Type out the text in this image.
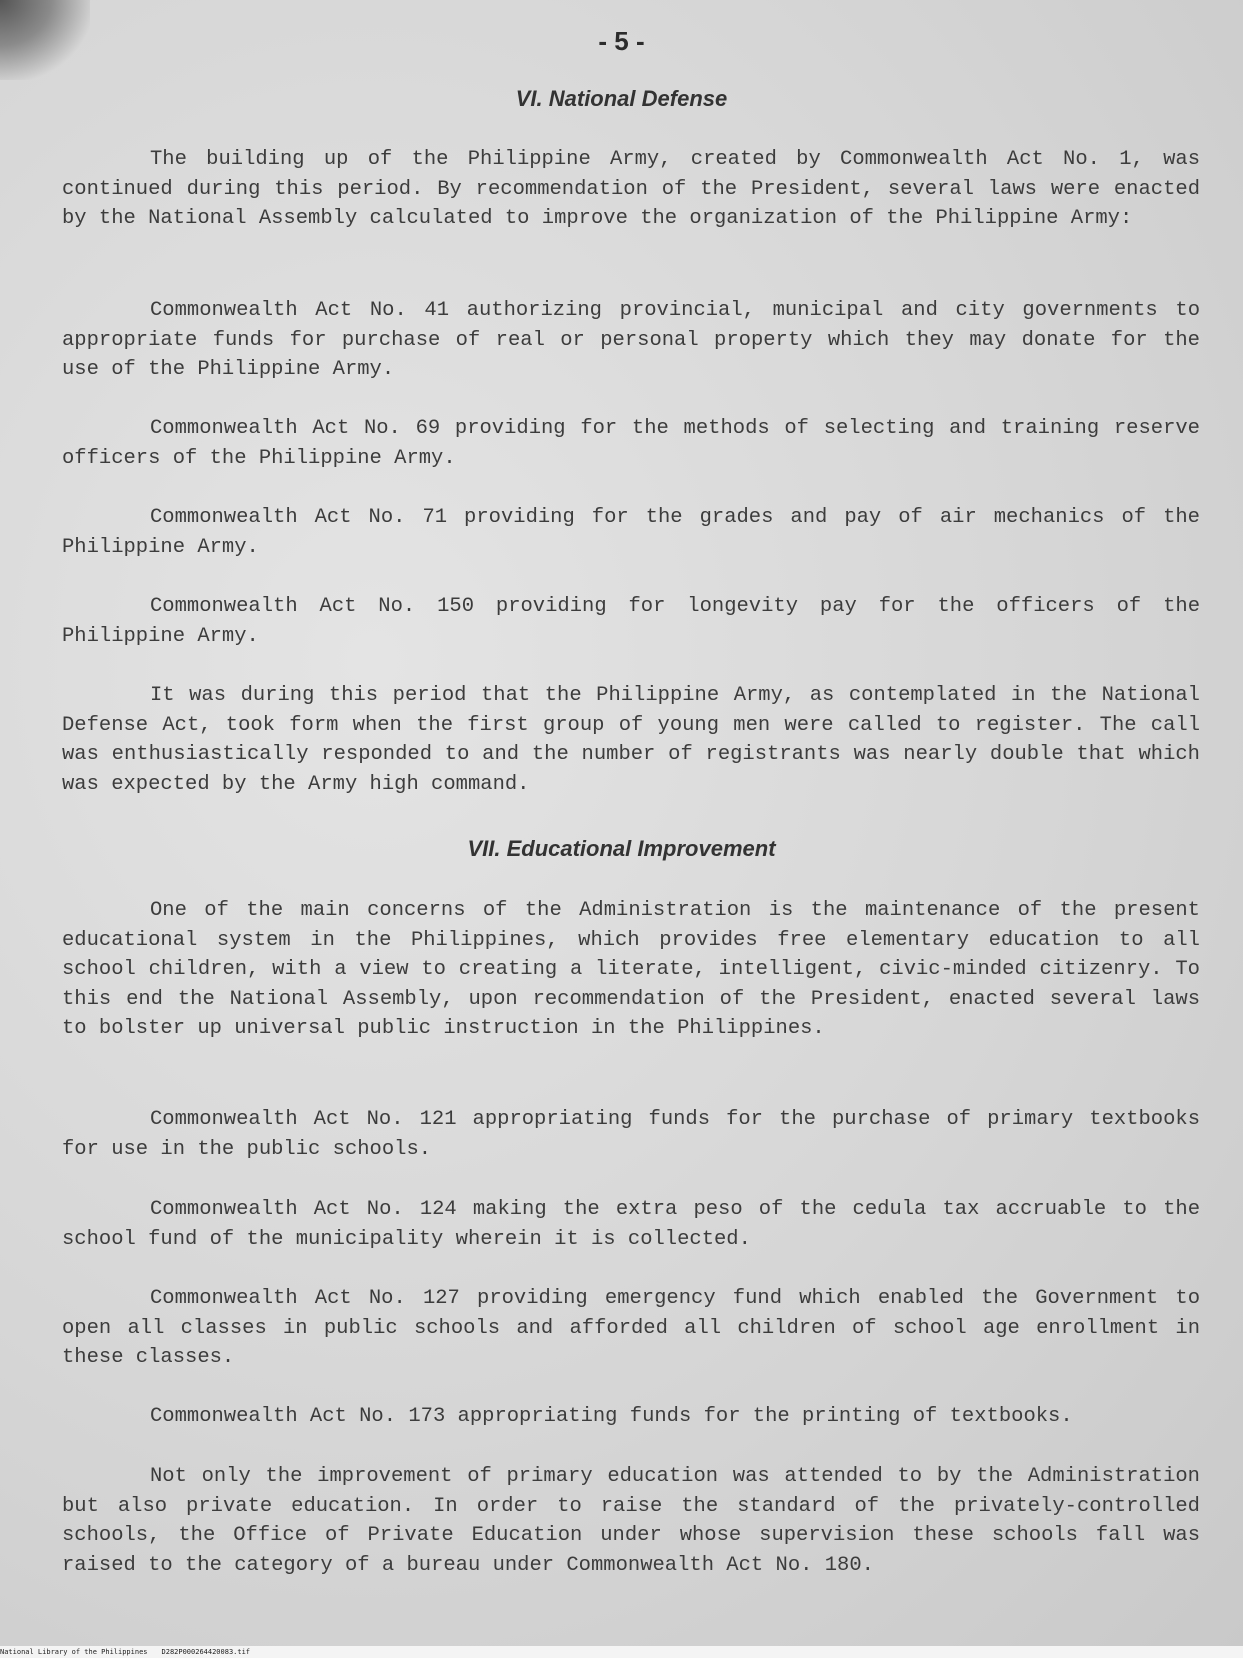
- 5 -
VI. National Defense

The building up of the Philippine Army, created by Commonwealth Act No. 1, was continued during this period. By recommendation of the President, several laws were enacted by the National Assembly calculated to improve the organization of the Philippine Army:

Commonwealth Act No. 41 authorizing provincial, municipal and city governments to appropriate funds for purchase of real or personal property which they may donate for the use of the Philippine Army.

Commonwealth Act No. 69 providing for the methods of selecting and training reserve officers of the Philippine Army.

Commonwealth Act No. 71 providing for the grades and pay of air mechanics of the Philippine Army.

Commonwealth Act No. 150 providing for longevity pay for the officers of the Philippine Army.

It was during this period that the Philippine Army, as contemplated in the National Defense Act, took form when the first group of young men were called to register. The call was enthusiastically responded to and the number of registrants was nearly double that which was expected by the Army high command.

VII. Educational Improvement

One of the main concerns of the Administration is the maintenance of the present educational system in the Philippines, which provides free elementary education to all school children, with a view to creating a literate, intelligent, civic-minded citizenry. To this end the National Assembly, upon recommendation of the President, enacted several laws to bolster up universal public instruction in the Philippines.

Commonwealth Act No. 121 appropriating funds for the purchase of primary textbooks for use in the public schools.

Commonwealth Act No. 124 making the extra peso of the cedula tax accruable to the school fund of the municipality wherein it is collected.

Commonwealth Act No. 127 providing emergency fund which enabled the Government to open all classes in public schools and afforded all children of school age enrollment in these classes.

Commonwealth Act No. 173 appropriating funds for the printing of textbooks.

Not only the improvement of primary education was attended to by the Administration but also private education. In order to raise the standard of the privately-controlled schools, the Office of Private Education under whose supervision these schools fall was raised to the category of a bureau under Commonwealth Act No. 180.

National Library of the Philippines D282P000264420083.tif
